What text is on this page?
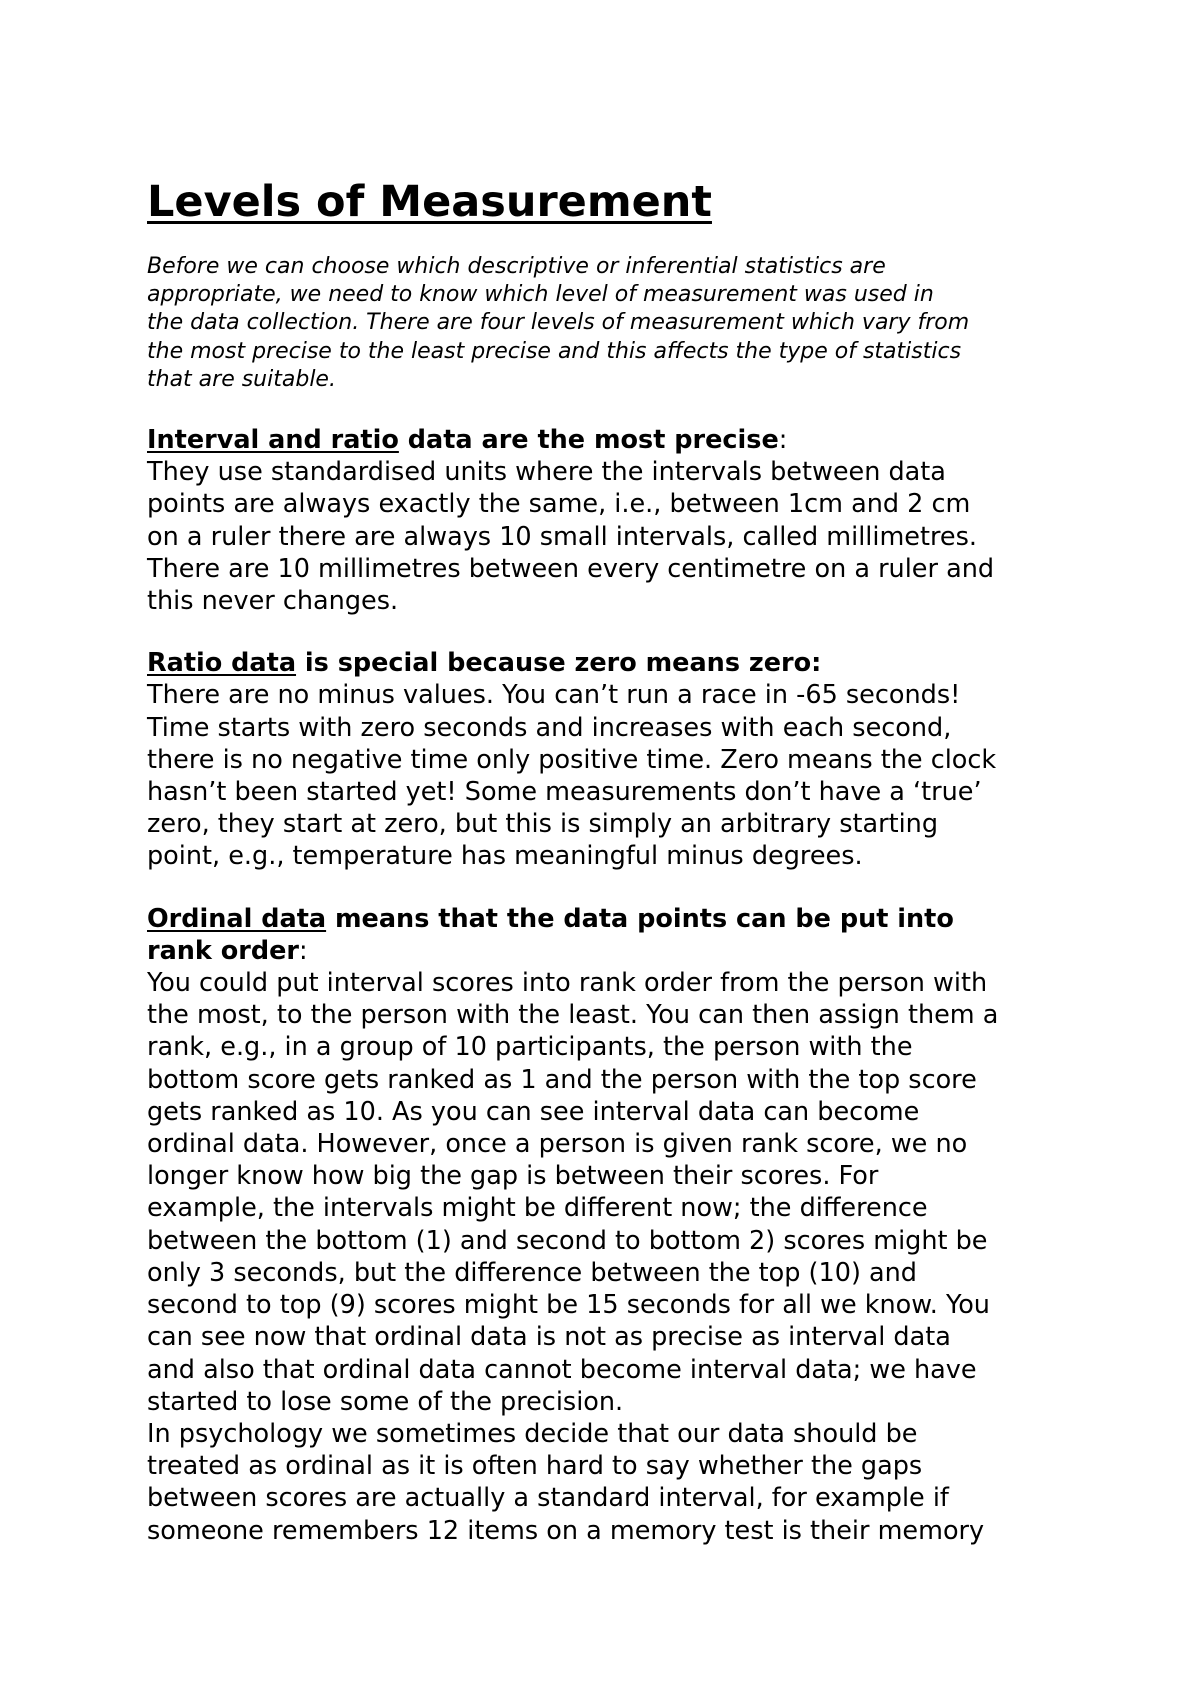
Levels of Measurement

Before we can choose which descriptive or inferential statistics are
appropriate, we need to know which level of measurement was used in
the data collection. There are four levels of measurement which vary from
the most precise to the least precise and this affects the type of statistics
that are suitable.

Interval and ratio data are the most precise:

They use standardised units where the intervals between data
points are always exactly the same, i.e., between 1cm and 2 cm
on a ruler there are always 10 small intervals, called millimetres.
There are 10 millimetres between every centimetre on a ruler and
this never changes.

Ratio data is special because zero means zero:

There are no minus values. You can’t run a race in -65 seconds!
Time starts with zero seconds and increases with each second,
there is no negative time only positive time. Zero means the clock
hasn’t been started yet! Some measurements don’t have a ‘true’
zero, they start at zero, but this is simply an arbitrary starting
point, e.g., temperature has meaningful minus degrees.

Ordinal data means that the data points can be put into
rank order:

You could put interval scores into rank order from the person with
the most, to the person with the least. You can then assign them a
rank, e.g., in a group of 10 participants, the person with the
bottom score gets ranked as 1 and the person with the top score
gets ranked as 10. As you can see interval data can become
ordinal data. However, once a person is given rank score, we no
longer know how big the gap is between their scores. For
example, the intervals might be different now; the difference
between the bottom (1) and second to bottom 2) scores might be
only 3 seconds, but the difference between the top (10) and
second to top (9) scores might be 15 seconds for all we know. You
can see now that ordinal data is not as precise as interval data
and also that ordinal data cannot become interval data; we have
started to lose some of the precision.
In psychology we sometimes decide that our data should be
treated as ordinal as it is often hard to say whether the gaps
between scores are actually a standard interval, for example if
someone remembers 12 items on a memory test is their memory
